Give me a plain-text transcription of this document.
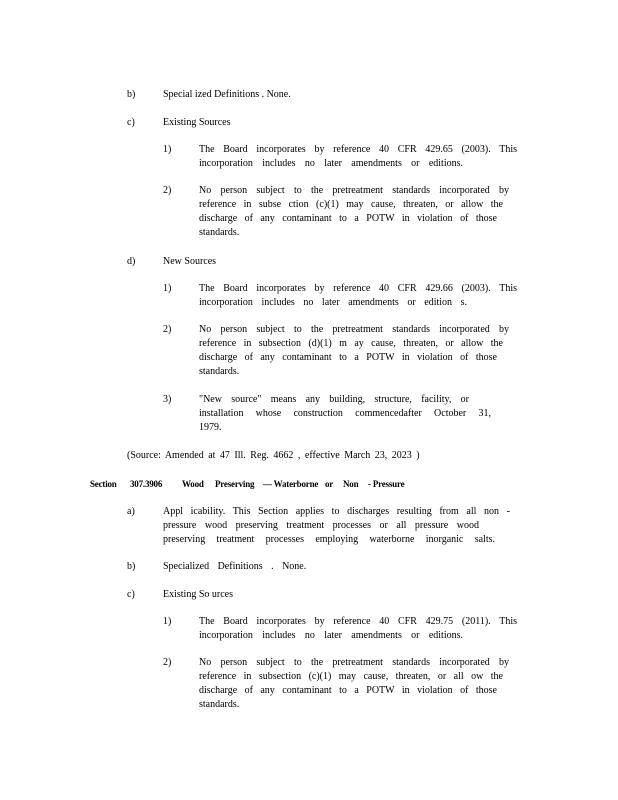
b)	Special ized Definitions . None.
c)	Existing Sources
1)	The Board incorporates by reference 40 CFR 429.65 (2003). This
incorporation includes no later amendments or editions.
2)	No person subject to the pretreatment standards incorporated by
reference in subse ction (c)(1) may cause, threaten, or allow the
discharge of any contaminant to a POTW in violation of those
standards.
d)	New Sources
1)	The Board incorporates by reference 40 CFR 429.66 (2003). This
incorporation includes no later amendments or edition s.
2)	No person subject to the pretreatment standards incorporated by
reference in subsection (d)(1) m ay cause, threaten, or allow the
discharge of any contaminant to a POTW in violation of those
standards.
3)	"New source" means any building, structure, facility, or
installation whose construction commencedafter October 31,
1979.
(Source: Amended at 47 Ill. Reg. 4662 , effective March 23, 2023 )
Section 307.3906 Wood Preserving — Waterborne or Non - Pressure
a)	Appl icability. This Section applies to discharges resulting from all non -
pressure wood preserving treatment processes or all pressure wood
preserving treatment processes employing waterborne inorganic salts.
b)	Specialized Definitions . None.
c)	Existing So urces
1)	The Board incorporates by reference 40 CFR 429.75 (2011). This
incorporation includes no later amendments or editions.
2)	No person subject to the pretreatment standards incorporated by
reference in subsection (c)(1) may cause, threaten, or all ow the
discharge of any contaminant to a POTW in violation of those
standards.
